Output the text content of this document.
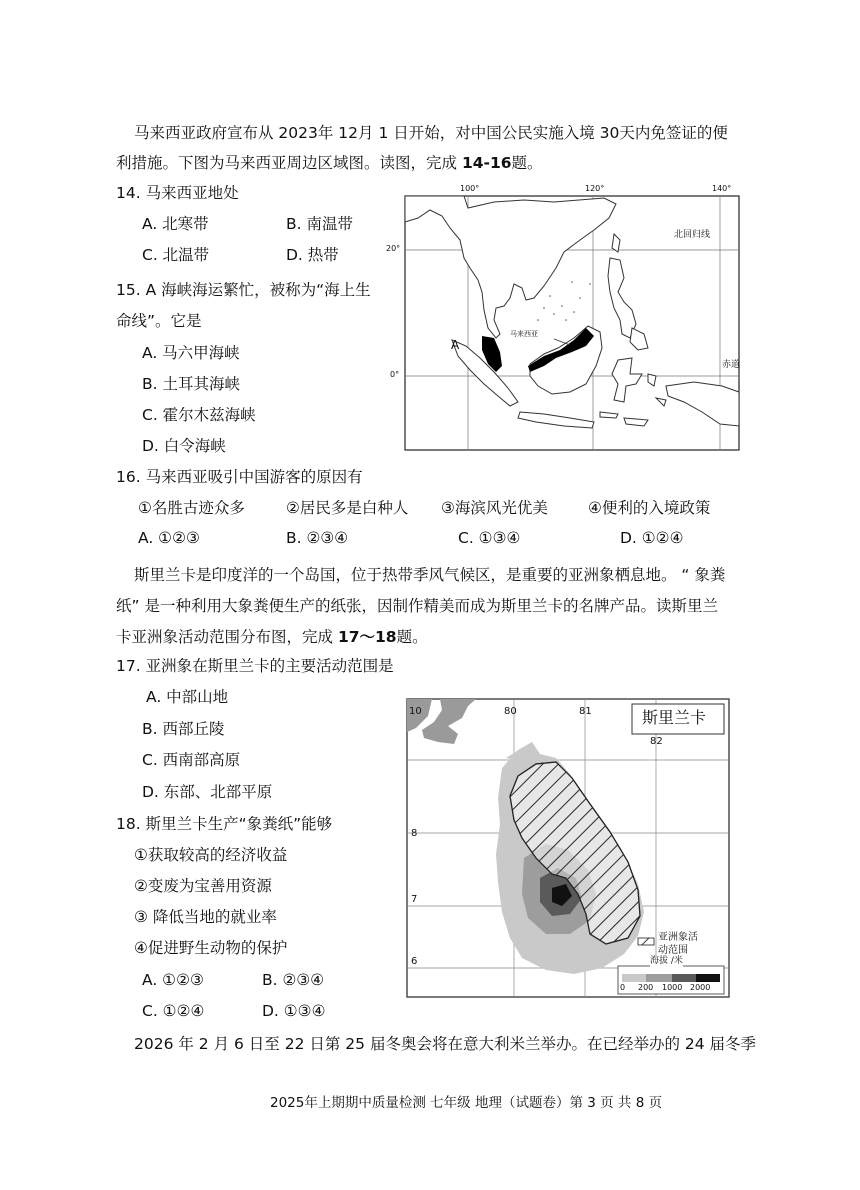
马来西亚政府宣布从 2023年 12月 1 日开始，对中国公民实施入境 30天内免签证的便
利措施。下图为马来西亚周边区域图。读图，完成 14-16题。
14. 马来西亚地处
A. 北寒带	B. 南温带
C. 北温带	D. 热带
15. A 海峡海运繁忙，被称为“海上生
命线”。它是
A. 马六甲海峡
B. 土耳其海峡
C. 霍尔木兹海峡
D. 白令海峡
100°	120°	140°
20°
0°
北回归线
赤道
马来西亚
A
16. 马来西亚吸引中国游客的原因有
①名胜古迹众多	②居民多是白种人 ③海滨风光优美	④便利的入境政策
A. ①②③	B. ②③④	C. ①③④	D. ①②④
斯里兰卡是印度洋的一个岛国，位于热带季风气候区，是重要的亚洲象栖息地。 “ 象粪
纸” 是一种利用大象粪便生产的纸张，因制作精美而成为斯里兰卡的名牌产品。读斯里兰
卡亚洲象活动范围分布图，完成 17～18题。
17. 亚洲象在斯里兰卡的主要活动范围是
A. 中部山地
B. 西部丘陵
C. 西南部高原
D. 东部、北部平原
18. 斯里兰卡生产“象粪纸”能够
①获取较高的经济收益
②变废为宝善用资源
③ 降低当地的就业率
④促进野生动物的保护
A. ①②③	B. ②③④
C. ①②④	D. ①③④
斯里兰卡
80	81
82
10
8
7
6
亚洲象活
动范围
海拔 /米
0 200 1000 2000
2026 年 2 月 6 日至 22 日第 25 届冬奥会将在意大利米兰举办。在已经举办的 24 届冬季
2025年上期期中质量检测 七年级 地理（试题卷）第 3 页 共 8 页
